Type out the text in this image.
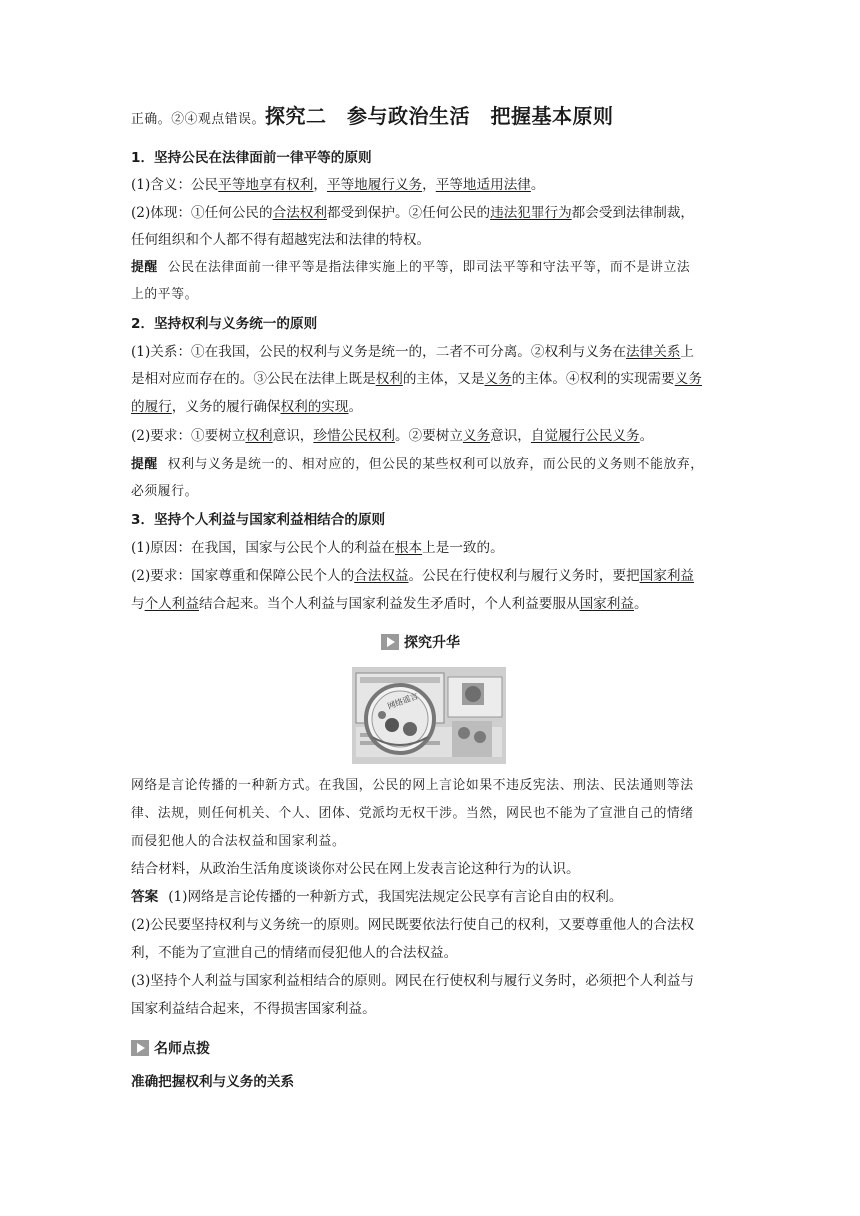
正确。②④观点错误。探究二　参与政治生活　把握基本原则
1．坚持公民在法律面前一律平等的原则
(1)含义：公民平等地享有权利，平等地履行义务，平等地适用法律。
(2)体现：①任何公民的合法权利都受到保护。②任何公民的违法犯罪行为都会受到法律制裁，
任何组织和个人都不得有超越宪法和法律的特权。
提醒 公民在法律面前一律平等是指法律实施上的平等，即司法平等和守法平等，而不是讲立法
上的平等。
2．坚持权利与义务统一的原则
(1)关系：①在我国，公民的权利与义务是统一的，二者不可分离。②权利与义务在法律关系上
是相对应而存在的。③公民在法律上既是权利的主体，又是义务的主体。④权利的实现需要义务
的履行，义务的履行确保权利的实现。
(2)要求：①要树立权利意识，珍惜公民权利。②要树立义务意识，自觉履行公民义务。
提醒 权利与义务是统一的、相对应的，但公民的某些权利可以放弃，而公民的义务则不能放弃，
必须履行。
3．坚持个人利益与国家利益相结合的原则
(1)原因：在我国，国家与公民个人的利益在根本上是一致的。
(2)要求：国家尊重和保障公民个人的合法权益。公民在行使权利与履行义务时，要把国家利益
与个人利益结合起来。当个人利益与国家利益发生矛盾时，个人利益要服从国家利益。
探究升华
网络谣言
网络是言论传播的一种新方式。在我国，公民的网上言论如果不违反宪法、刑法、民法通则等法
律、法规，则任何机关、个人、团体、党派均无权干涉。当然，网民也不能为了宣泄自己的情绪
而侵犯他人的合法权益和国家利益。
结合材料，从政治生活角度谈谈你对公民在网上发表言论这种行为的认识。
答案 (1)网络是言论传播的一种新方式，我国宪法规定公民享有言论自由的权利。
(2)公民要坚持权利与义务统一的原则。网民既要依法行使自己的权利，又要尊重他人的合法权
利，不能为了宣泄自己的情绪而侵犯他人的合法权益。
(3)坚持个人利益与国家利益相结合的原则。网民在行使权利与履行义务时，必须把个人利益与
国家利益结合起来，不得损害国家利益。
名师点拨
准确把握权利与义务的关系
